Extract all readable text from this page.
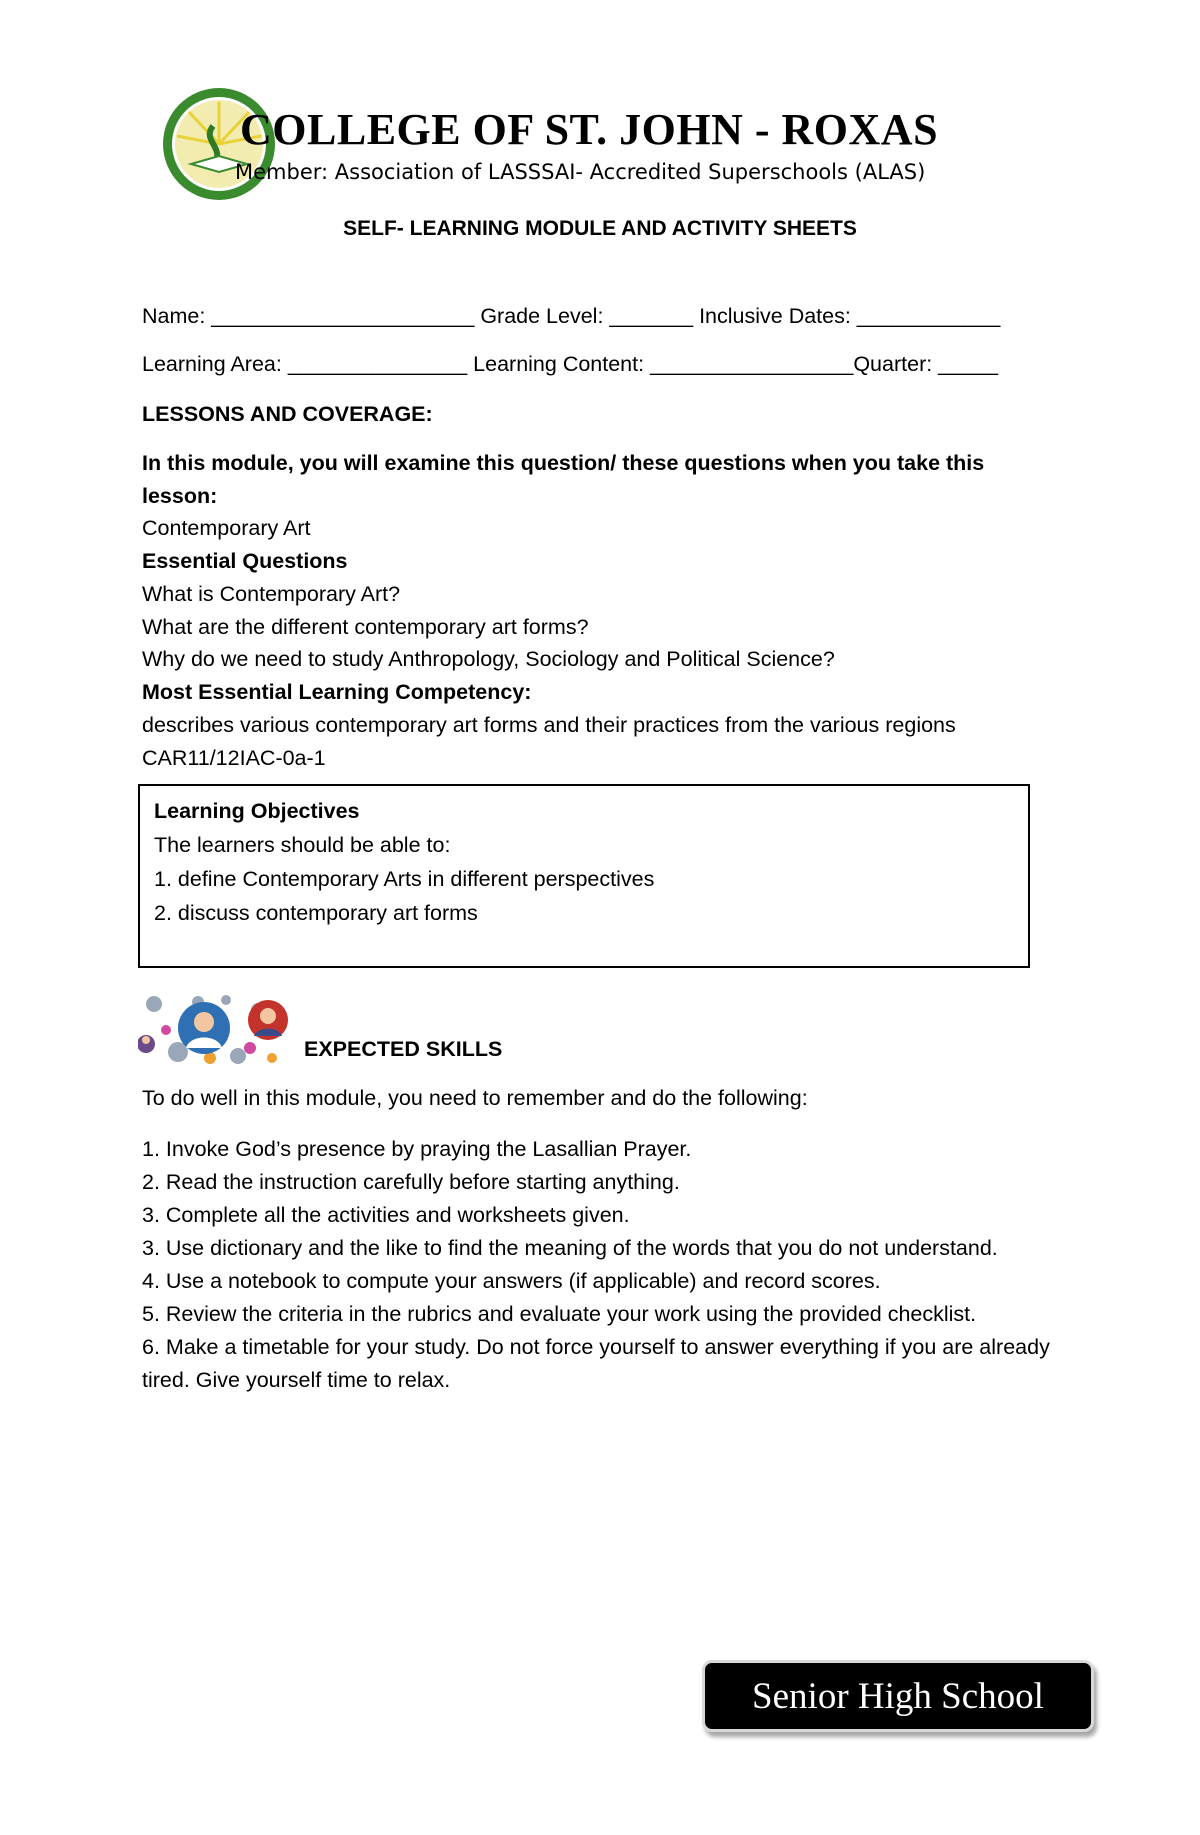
COLLEGE OF ST. JOHN - ROXAS
Member: Association of LASSSAI- Accredited Superschools (ALAS)
SELF- LEARNING MODULE AND ACTIVITY SHEETS
Name: ______________________ Grade Level: _______ Inclusive Dates: ____________
Learning Area: _______________ Learning Content: _________________Quarter: _____
LESSONS AND COVERAGE:
In this module, you will examine this question/ these questions when you take this
lesson:
Contemporary Art
Essential Questions
What is Contemporary Art?
What are the different contemporary art forms?
Why do we need to study Anthropology, Sociology and Political Science?
Most Essential Learning Competency:
describes various contemporary art forms and their practices from the various regions
CAR11/12IAC-0a-1
Learning Objectives
The learners should be able to:
1. define Contemporary Arts in different perspectives
2. discuss contemporary art forms
EXPECTED SKILLS
To do well in this module, you need to remember and do the following:
1. Invoke God’s presence by praying the Lasallian Prayer.
2. Read the instruction carefully before starting anything.
3. Complete all the activities and worksheets given.
3. Use dictionary and the like to find the meaning of the words that you do not understand.
4. Use a notebook to compute your answers (if applicable) and record scores.
5. Review the criteria in the rubrics and evaluate your work using the provided checklist.
6. Make a timetable for your study. Do not force yourself to answer everything if you are already tired. Give yourself time to relax.
Senior High School
